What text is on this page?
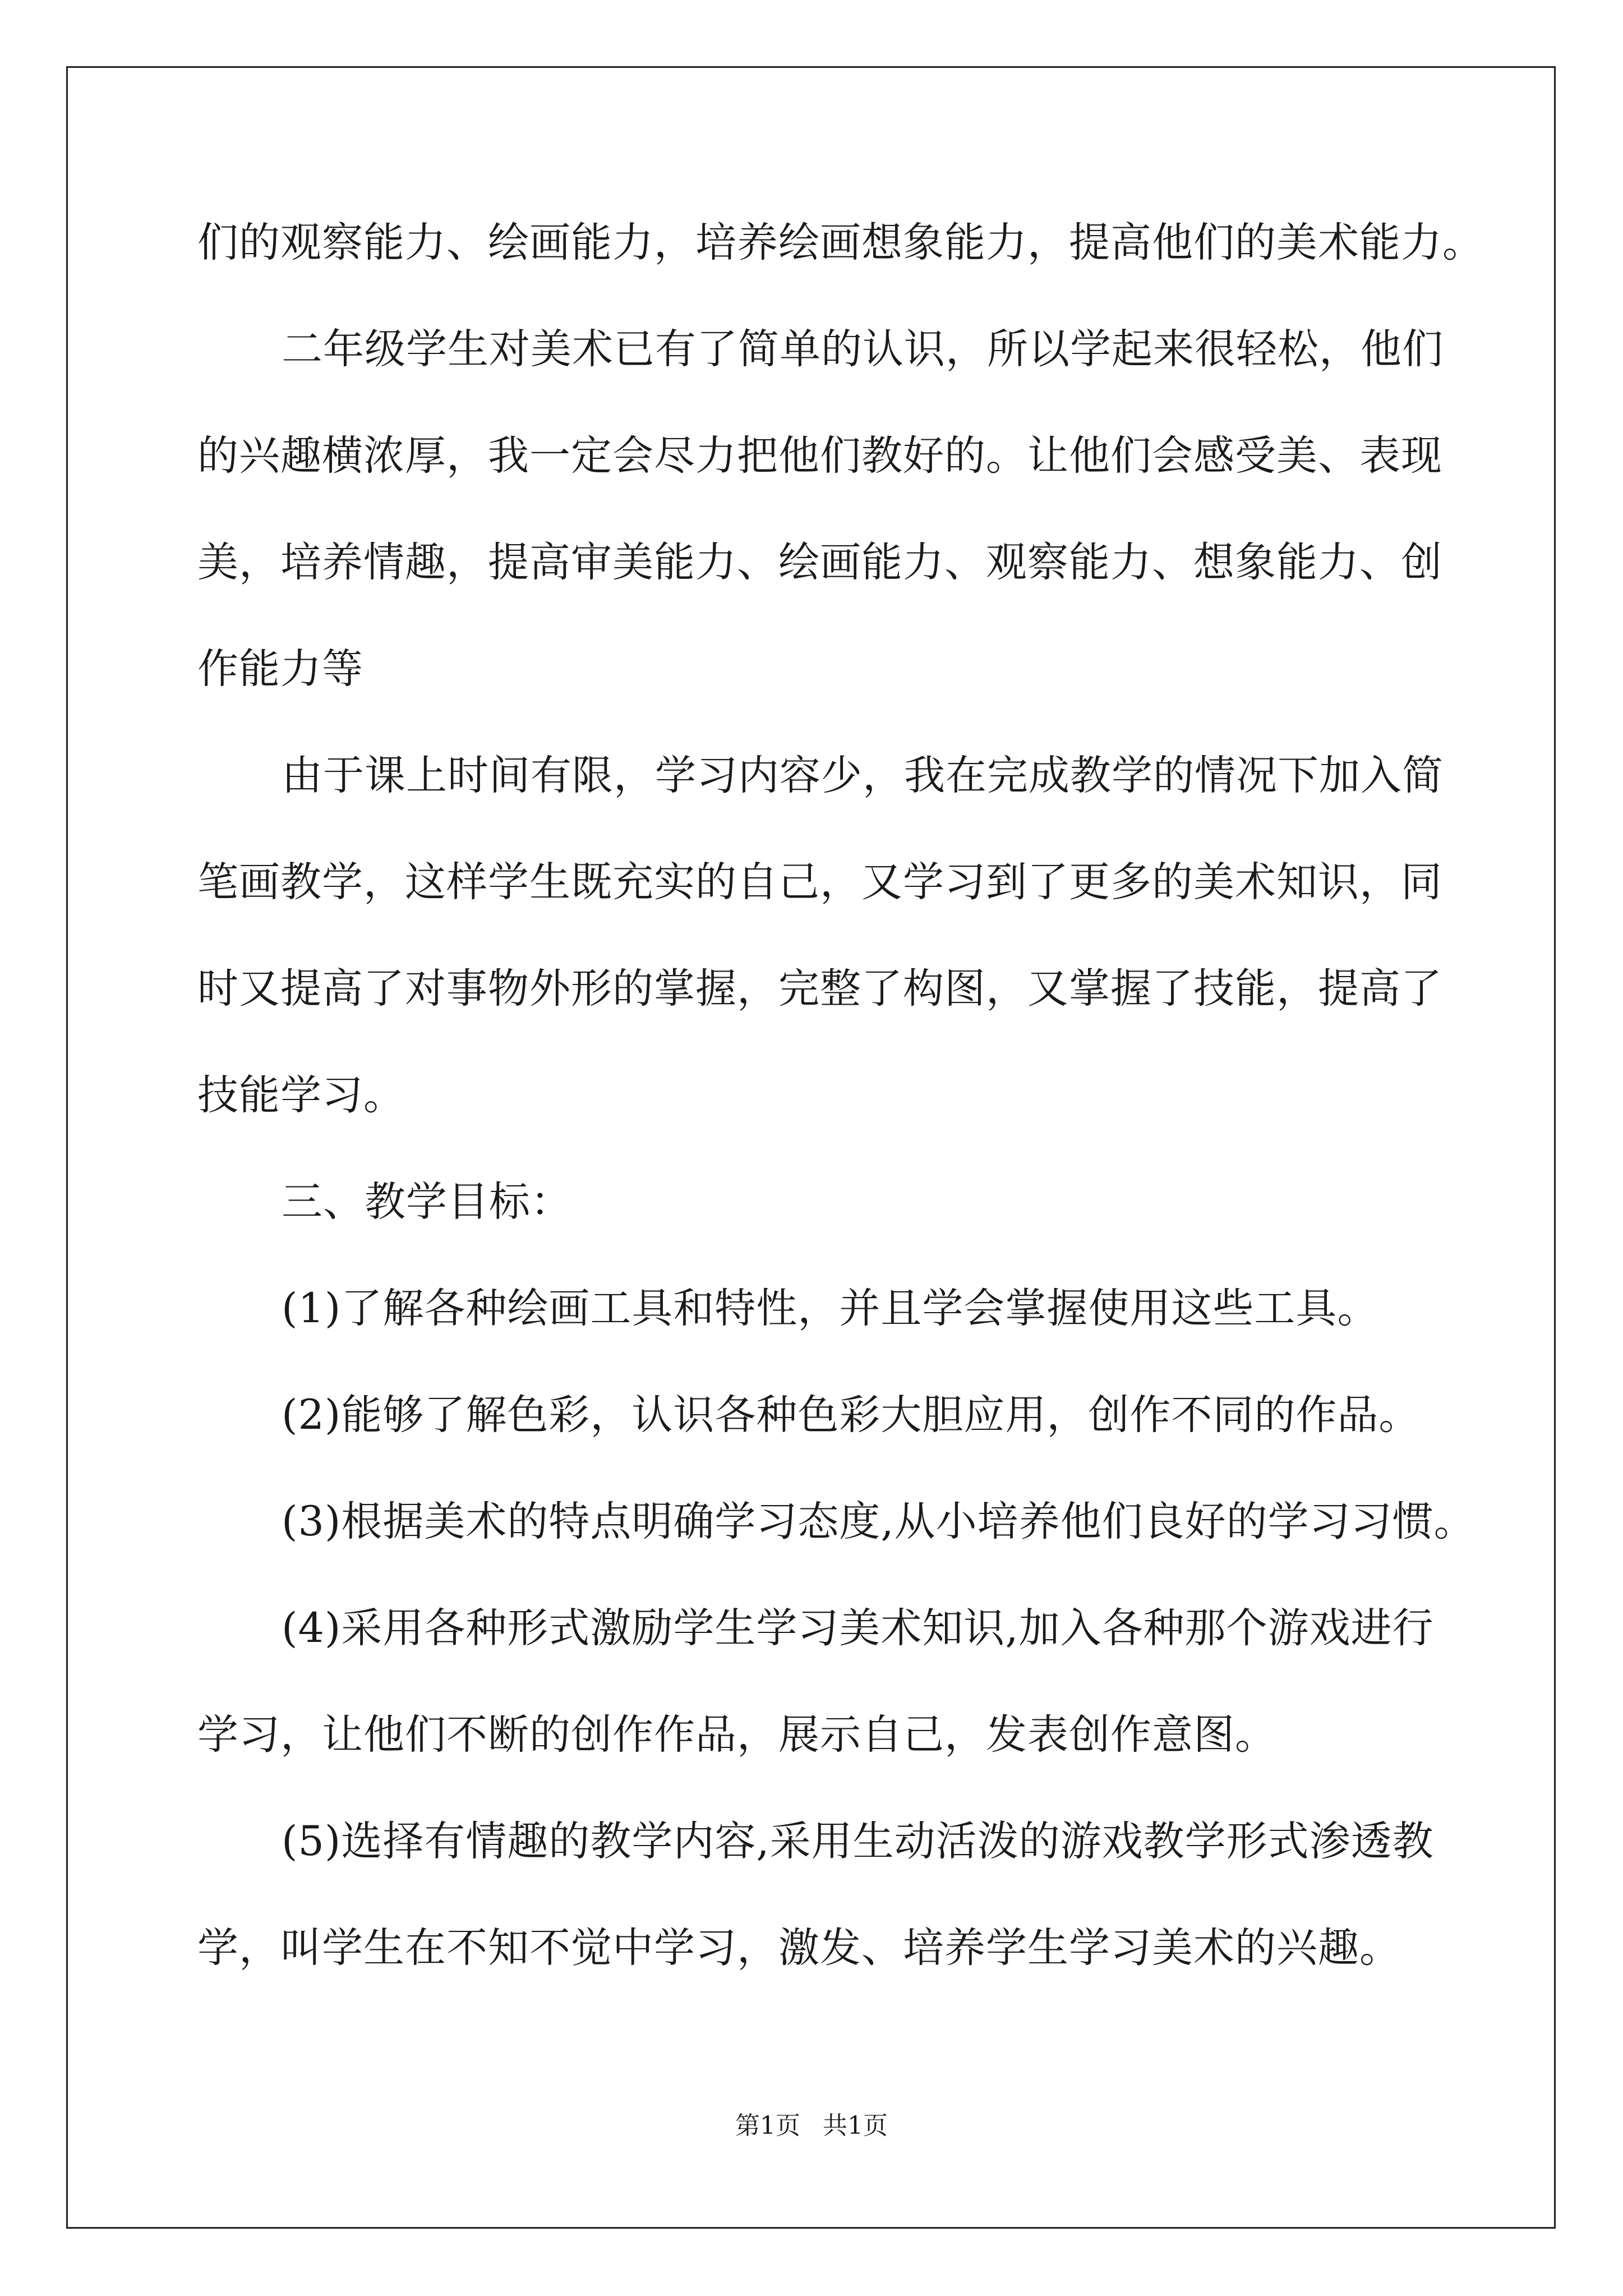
们的观察能力、绘画能力，培养绘画想象能力，提高他们的美术能力。
二年级学生对美术已有了简单的认识，所以学起来很轻松，他们
的兴趣横浓厚，我一定会尽力把他们教好的。让他们会感受美、表现
美，培养情趣，提高审美能力、绘画能力、观察能力、想象能力、创
作能力等
由于课上时间有限，学习内容少，我在完成教学的情况下加入简
笔画教学，这样学生既充实的自己，又学习到了更多的美术知识，同
时又提高了对事物外形的掌握，完整了构图，又掌握了技能，提高了
技能学习。
三、教学目标：
(1)了解各种绘画工具和特性，并且学会掌握使用这些工具。
(2)能够了解色彩，认识各种色彩大胆应用，创作不同的作品。
(3)根据美术的特点明确学习态度,从小培养他们良好的学习习惯。
(4)采用各种形式激励学生学习美术知识,加入各种那个游戏进行
学习，让他们不断的创作作品，展示自己，发表创作意图。
(5)选择有情趣的教学内容,采用生动活泼的游戏教学形式渗透教
学，叫学生在不知不觉中学习，激发、培养学生学习美术的兴趣。
第1页 共1页
